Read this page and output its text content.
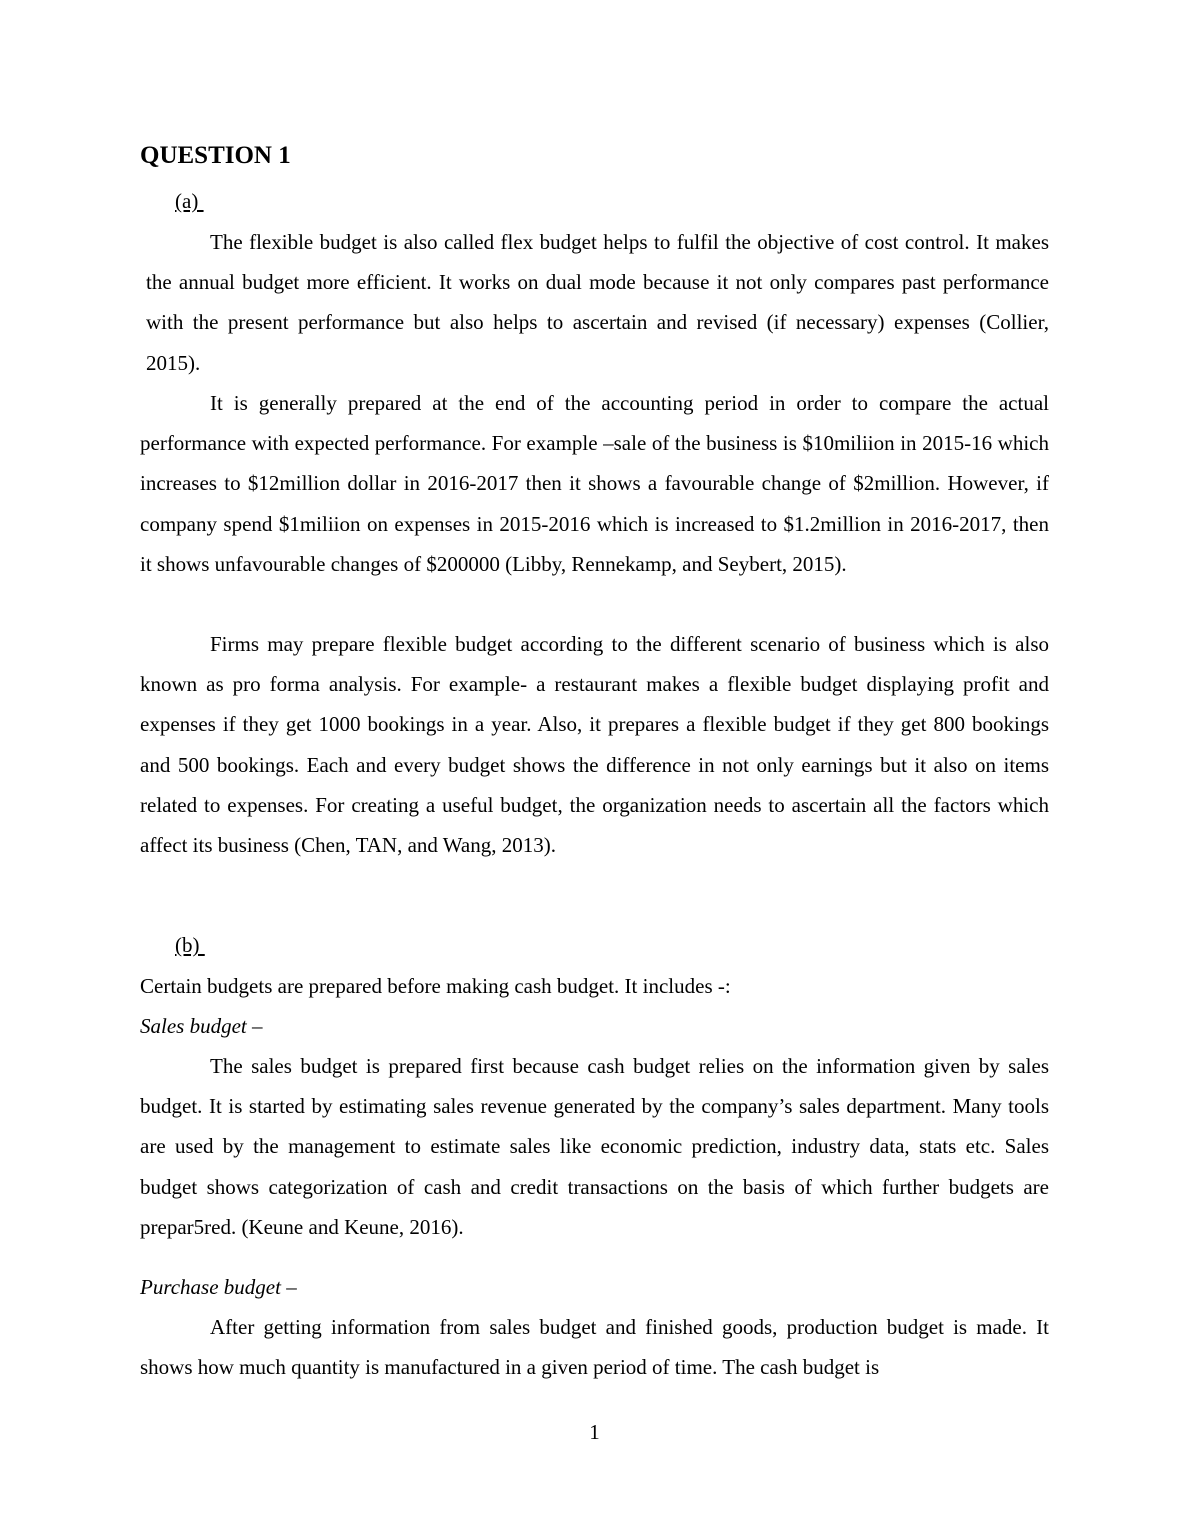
QUESTION 1
(a)

The flexible budget is also called flex budget helps to fulfil the objective of cost control. It makes the annual budget more efficient. It works on dual mode because it not only compares past performance with the present performance but also helps to ascertain and revised (if necessary) expenses (Collier, 2015).

It is generally prepared at the end of the accounting period in order to compare the actual performance with expected performance. For example –sale of the business is $10miliion in 2015-16 which increases to $12million dollar in 2016-2017 then it shows a favourable change of $2million. However, if company spend $1miliion on expenses in 2015-2016 which is increased to $1.2million in 2016-2017, then it shows unfavourable changes of $200000 (Libby, Rennekamp, and Seybert, 2015).

Firms may prepare flexible budget according to the different scenario of business which is also known as pro forma analysis. For example- a restaurant makes a flexible budget displaying profit and expenses if they get 1000 bookings in a year. Also, it prepares a flexible budget if they get 800 bookings and 500 bookings. Each and every budget shows the difference in not only earnings but it also on items related to expenses. For creating a useful budget, the organization needs to ascertain all the factors which affect its business (Chen, TAN, and Wang, 2013).

(b)

Certain budgets are prepared before making cash budget. It includes -:

Sales budget –

The sales budget is prepared first because cash budget relies on the information given by sales budget. It is started by estimating sales revenue generated by the company’s sales department. Many tools are used by the management to estimate sales like economic prediction, industry data, stats etc. Sales budget shows categorization of cash and credit transactions on the basis of which further budgets are prepar5red. (Keune and Keune, 2016).

Purchase budget –

After getting information from sales budget and finished goods, production budget is made. It shows how much quantity is manufactured in a given period of time. The cash budget is

1
